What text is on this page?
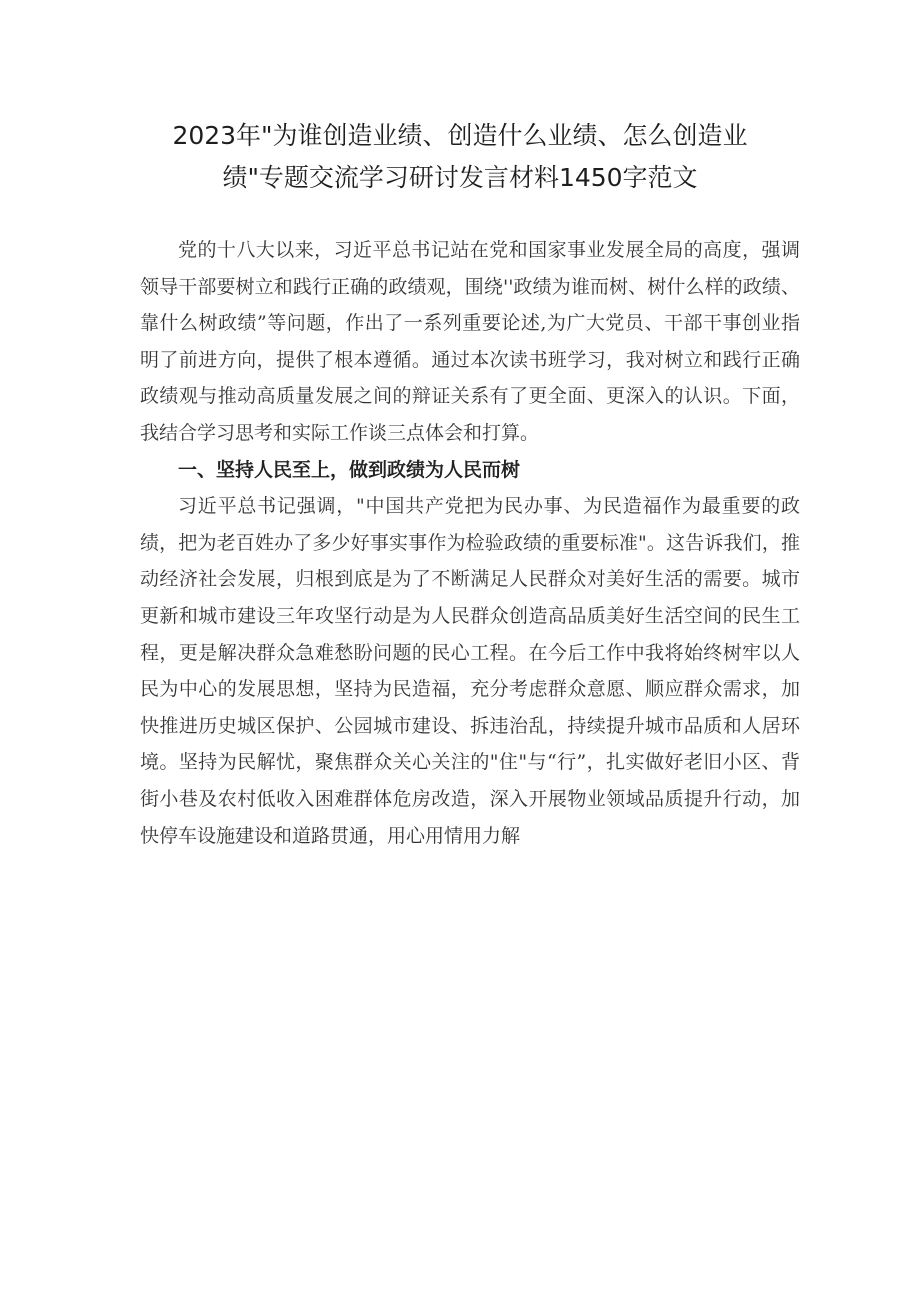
2023年"为谁创造业绩、创造什么业绩、怎么创造业
绩"专题交流学习研讨发言材料1450字范文

党的十八大以来，习近平总书记站在党和国家事业发展全局的高度，强调领导干部要树立和践行正确的政绩观，围绕''政绩为谁而树、树什么样的政绩、靠什么树政绩”等问题，作出了一系列重要论述,为广大党员、干部干事创业指明了前进方向，提供了根本遵循。通过本次读书班学习，我对树立和践行正确政绩观与推动高质量发展之间的辩证关系有了更全面、更深入的认识。下面，我结合学习思考和实际工作谈三点体会和打算。

一、坚持人民至上，做到政绩为人民而树

习近平总书记强调，"中国共产党把为民办事、为民造福作为最重要的政绩，把为老百姓办了多少好事实事作为检验政绩的重要标准"。这告诉我们，推动经济社会发展，归根到底是为了不断满足人民群众对美好生活的需要。城市更新和城市建设三年攻坚行动是为人民群众创造高品质美好生活空间的民生工程，更是解决群众急难愁盼问题的民心工程。在今后工作中我将始终树牢以人民为中心的发展思想，坚持为民造福，充分考虑群众意愿、顺应群众需求，加快推进历史城区保护、公园城市建设、拆违治乱，持续提升城市品质和人居环境。坚持为民解忧，聚焦群众关心关注的"住"与“行”，扎实做好老旧小区、背街小巷及农村低收入困难群体危房改造，深入开展物业领域品质提升行动，加快停车设施建设和道路贯通，用心用情用力解
